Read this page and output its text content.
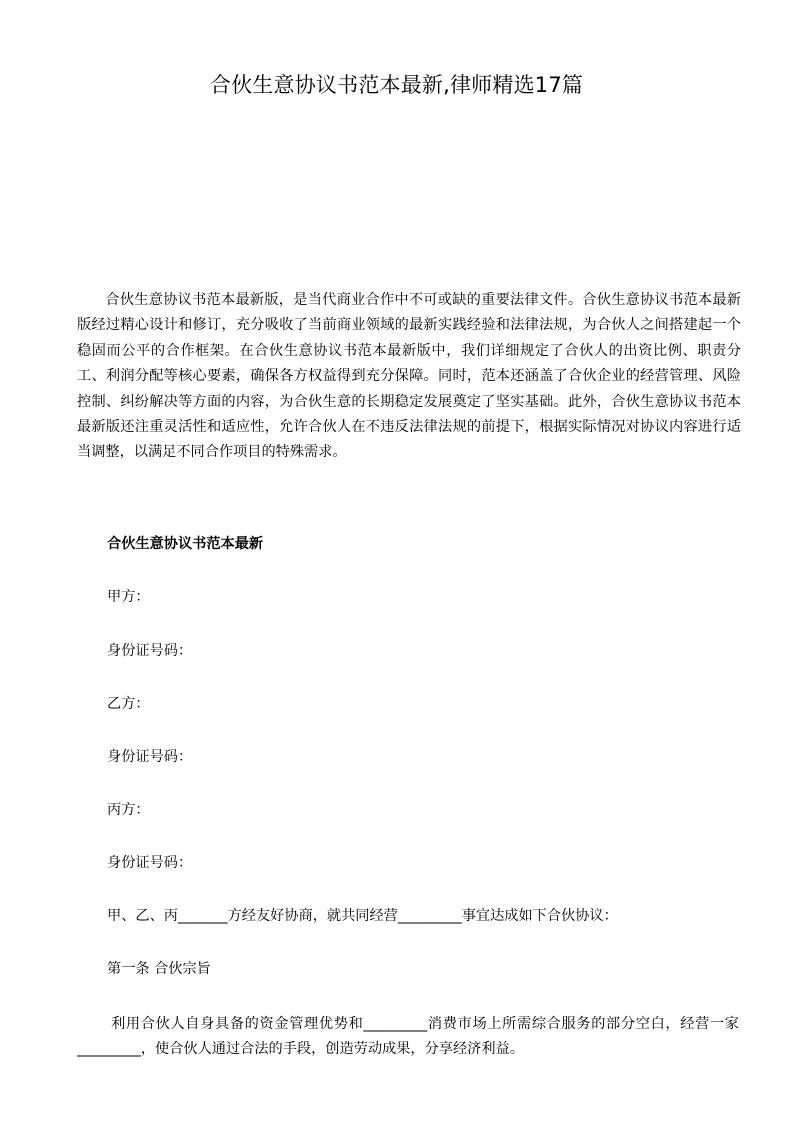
合伙生意协议书范本最新,律师精选17篇

合伙生意协议书范本最新版，是当代商业合作中不可或缺的重要法律文件。合伙生意协议书范本最新版经过精心设计和修订，充分吸收了当前商业领域的最新实践经验和法律法规，为合伙人之间搭建起一个稳固而公平的合作框架。在合伙生意协议书范本最新版中，我们详细规定了合伙人的出资比例、职责分工、利润分配等核心要素，确保各方权益得到充分保障。同时，范本还涵盖了合伙企业的经营管理、风险控制、纠纷解决等方面的内容，为合伙生意的长期稳定发展奠定了坚实基础。此外，合伙生意协议书范本最新版还注重灵活性和适应性，允许合伙人在不违反法律法规的前提下，根据实际情况对协议内容进行适当调整，以满足不同合作项目的特殊需求。

合伙生意协议书范本最新

甲方：

身份证号码：

乙方：

身份证号码：

丙方：

身份证号码：

甲、乙、丙_______方经友好协商，就共同经营_________事宜达成如下合伙协议：

第一条 合伙宗旨

利用合伙人自身具备的资金管理优势和_________消费市场上所需综合服务的部分空白，经营一家_________，使合伙人通过合法的手段，创造劳动成果，分享经济利益。
